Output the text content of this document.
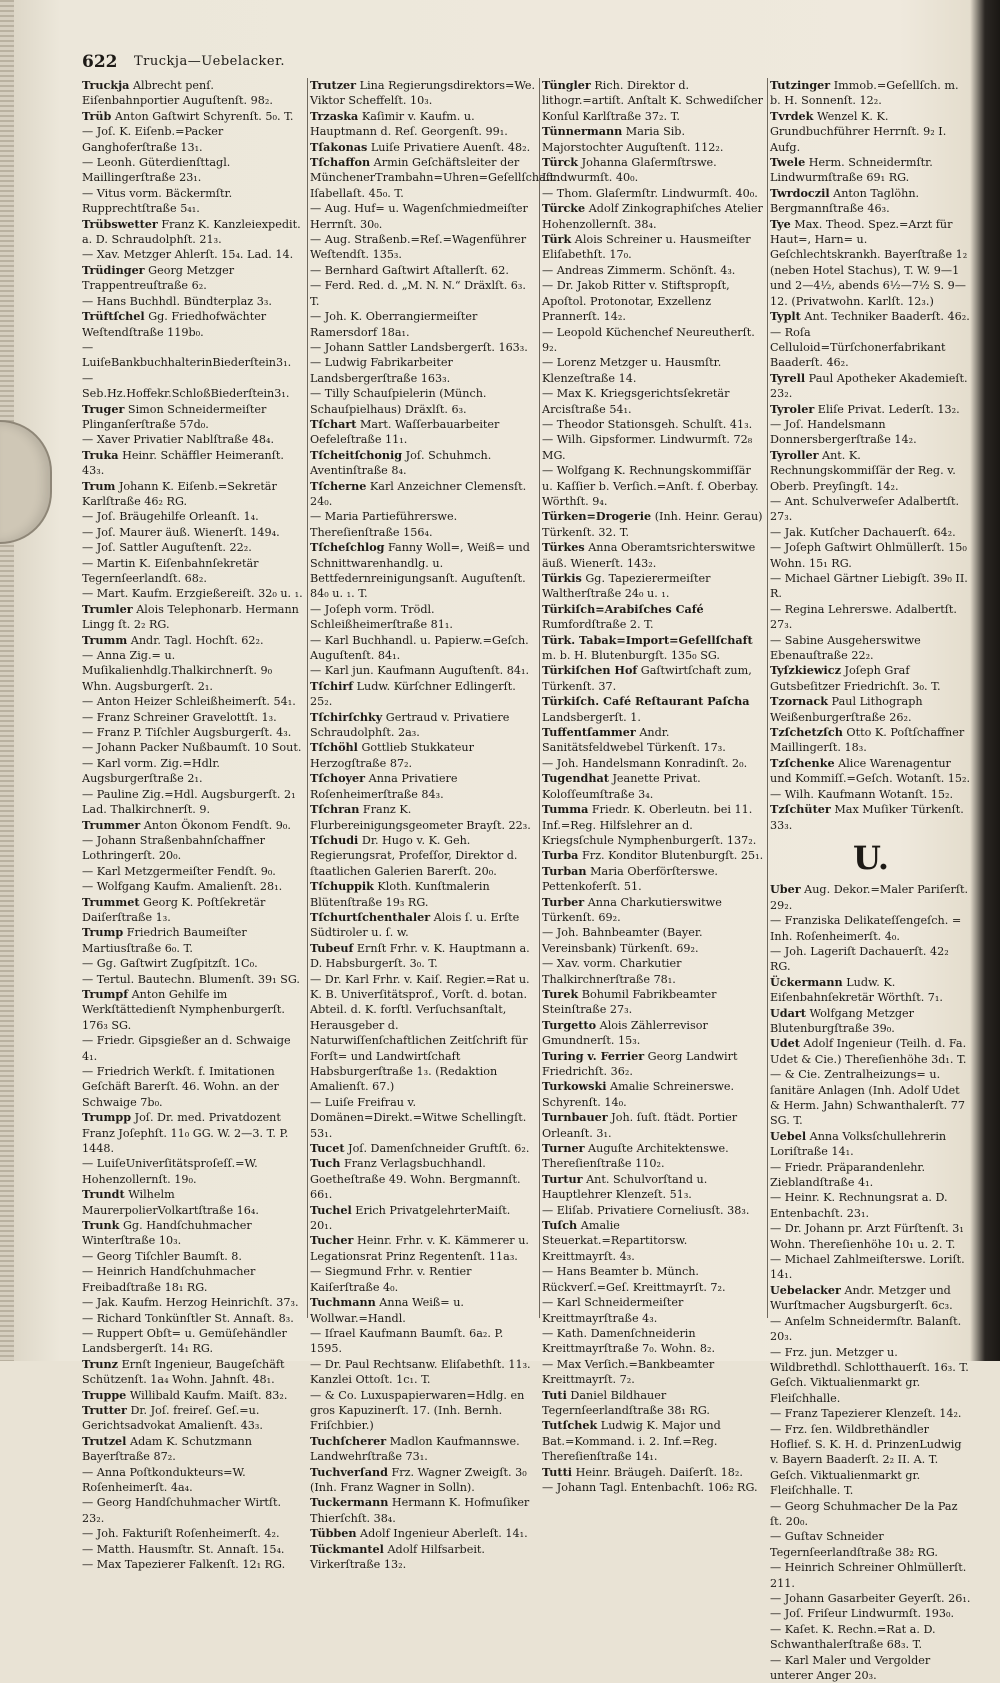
622 Truckja—Uebelacker.

Truckja Albrecht penſ. Eiſenbahnportier Auguſtenſt. 98₂.

Trüb Anton Gaſtwirt Schyrenſt. 5₀. T.

— Joſ. K. Eiſenb.=Packer Ganghoferſtraße 13₁.

— Leonh. Güterdienſttagl. Maillingerſtraße 23₁.

— Vitus vorm. Bäckermſtr. Rupprechtſtraße 5₄₁.

Trübswetter Franz K. Kanzleiexpedit. a. D. Schraudolphſt. 21₃.

— Xav. Metzger Ahlerſt. 15₄. Lad. 14.

Trüdinger Georg Metzger Trappentreuſtraße 6₂.

— Hans Buchhdl. Bündterplaz 3₃.

Trüftſchel Gg. Friedhofwächter Weſtendſtraße 119b₀.

— LuiſeBankbuchhalterinBiederſtein3₁.

— Seb.Hz.Hoffekr.SchloßBiederſtein3₁.

Truger Simon Schneidermeiſter Plinganſerſtraße 57d₀.

— Xaver Privatier Nablſtraße 48₄.

Truka Heinr. Schäffler Heimeranſt. 43₃.

Trum Johann K. Eiſenb.=Sekretär Karlſtraße 46₂ RG.

— Joſ. Bräugehilfe Orleanſt. 1₄.

— Joſ. Maurer äuß. Wienerſt. 149₄.

— Joſ. Sattler Auguſtenſt. 22₂.

— Martin K. Eiſenbahnſekretär Tegernſeerlandſt. 68₂.

— Mart. Kaufm. Erzgießereiſt. 32₀ u. ₁.

Trumler Alois Telephonarb. Hermann Lingg ſt. 2₂ RG.

Trumm Andr. Tagl. Hochſt. 62₂.

— Anna Zig.= u. Muſikalienhdlg.Thalkirchnerſt. 9₀ Whn. Augsburgerſt. 2₁.

— Anton Heizer Schleißheimerſt. 54₁.

— Franz Schreiner Gravelottſt. 1₃.

— Franz P. Tiſchler Augsburgerſt. 4₃.

— Johann Packer Nußbaumſt. 10 Sout.

— Karl vorm. Zig.=Hdlr. Augsburgerſtraße 2₁.

— Pauline Zig.=Hdl. Augsburgerſt. 2₁ Lad. Thalkirchnerſt. 9.

Trummer Anton Ökonom Fendſt. 9₀.

— Johann Straßenbahnſchaffner Lothringerſt. 20₀.

— Karl Metzgermeiſter Fendſt. 9₀.

— Wolfgang Kaufm. Amalienſt. 28₁.

Trummet Georg K. Poſtſekretär Daiſerſtraße 1₃.

Trump Friedrich Baumeiſter Martiusſtraße 6₀. T.

— Gg. Gaſtwirt Zugſpitzſt. 1C₀.

— Tertul. Bautechn. Blumenſt. 39₁ SG.

Trumpf Anton Gehilfe im Werkſtättedienſt Nymphenburgerſt. 176₃ SG.

— Friedr. Gipsgießer an d. Schwaige 4₁.

— Friedrich Werkſt. f. Imitationen Geſchäft Barerſt. 46. Wohn. an der Schwaige 7b₀.

Trumpp Joſ. Dr. med. Privatdozent Franz Joſephſt. 11₀ GG. W. 2—3. T. P. 1448.

— LuiſeUniverſitätsproſeſſ.=W. Hohenzollernſt. 19₀.

Trundt Wilhelm MaurerpolierVolkartſtraße 16₄.

Trunk Gg. Handſchuhmacher Winterſtraße 10₃.

— Georg Tiſchler Baumſt. 8.

— Heinrich Handſchuhmacher Freibadſtraße 18₁ RG.

— Jak. Kaufm. Herzog Heinrichſt. 37₃.

— Richard Tonkünſtler St. Annaſt. 8₃.

— Ruppert Obſt= u. Gemüſehändler Landsbergerſt. 14₁ RG.

Trunz Ernſt Ingenieur, Baugeſchäft Schützenſt. 1a₄ Wohn. Jahnſt. 48₁.

Truppe Willibald Kaufm. Maiſt. 83₂.

Trutter Dr. Joſ. freireſ. Geſ.=u. Gerichtsadvokat Amalienſt. 43₃.

Trutzel Adam K. Schutzmann Bayerſtraße 87₂.

— Anna Poſtkondukteurs=W. Roſenheimerſt. 4a₄.

— Georg Handſchuhmacher Wirtſt. 23₂.

— Joh. Fakturiſt Roſenheimerſt. 4₂.

— Matth. Hausmſtr. St. Annaſt. 15₄.

— Max Tapezierer Falkenſt. 12₁ RG.

Trutzer Lina Regierungsdirektors=We. Viktor Scheffelſt. 10₃.

Trzaska Kaſimir v. Kaufm. u. Hauptmann d. Reſ. Georgenſt. 99₁.

Tſakonas Luiſe Privatiere Auenſt. 48₂.

Tſchaffon Armin Geſchäftsleiter der MünchenerTrambahn=Uhren=Geſellſchaft Iſabellaſt. 45₀. T.

— Aug. Huf= u. Wagenſchmiedmeiſter Herrnſt. 30₀.

— Aug. Straßenb.=Reſ.=Wagenführer Weſtendſt. 135₃.

— Bernhard Gaſtwirt Aſtallerſt. 62.

— Ferd. Red. d. „M. N. N.“ Dräxlſt. 6₃. T.

— Joh. K. Oberrangiermeiſter Ramersdorf 18a₁.

— Johann Sattler Landsbergerſt. 163₃.

— Ludwig Fabrikarbeiter Landsbergerſtraße 163₃.

— Tilly Schauſpielerin (Münch. Schauſpielhaus) Dräxlſt. 6₃.

Tſchart Mart. Waſſerbauarbeiter Oefeleſtraße 11₁.

Tſcheitſchonig Joſ. Schuhmch. Aventinſtraße 8₄.

Tſcherne Karl Anzeichner Clemensſt. 24₀.

— Maria Partieführerswe. Thereſienſtraße 156₄.

Tſcheſchlog Fanny Woll=, Weiß= und Schnittwarenhandlg. u. Bettfedernreinigungsanſt. Auguſtenſt. 84₀ u. ₁. T.

— Joſeph vorm. Trödl. Schleißheimerſtraße 81₁.

— Karl Buchhandl. u. Papierw.=Geſch. Auguſtenſt. 84₁.

— Karl jun. Kaufmann Auguſtenſt. 84₁.

Tſchirf Ludw. Kürſchner Edlingerſt. 25₂.

Tſchirſchky Gertraud v. Privatiere Schraudolphſt. 2a₃.

Tſchöhl Gottlieb Stukkateur Herzogſtraße 87₂.

Tſchoyer Anna Privatiere Roſenheimerſtraße 84₃.

Tſchran Franz K. Flurbereinigungsgeometer Brayſt. 22₃.

Tſchudi Dr. Hugo v. K. Geh. Regierungsrat, Profeſſor, Direktor d. ſtaatlichen Galerien Barerſt. 20₀.

Tſchuppik Kloth. Kunſtmalerin Blütenſtraße 19₃ RG.

Tſchurtſchenthaler Alois ſ. u. Erſte Südtiroler u. ſ. w.

Tubeuf Ernſt Frhr. v. K. Hauptmann a. D. Habsburgerſt. 3₀. T.

— Dr. Karl Frhr. v. Kaiſ. Regier.=Rat u. K. B. Univerſitätsprof., Vorſt. d. botan. Abteil. d. K. forſtl. Verſuchsanſtalt, Herausgeber d. Naturwiſſenſchaftlichen Zeitſchrift für Forſt= und Landwirtſchaft Habsburgerſtraße 1₃. (Redaktion Amalienſt. 67.)

— Luiſe Freifrau v. Domänen=Direkt.=Witwe Schellingſt. 53₁.

Tucet Joſ. Damenſchneider Gruftſt. 6₂.

Tuch Franz Verlagsbuchhandl. Goetheſtraße 49. Wohn. Bergmannſt. 66₁.

Tuchel Erich PrivatgelehrterMaiſt. 20₁.

Tucher Heinr. Frhr. v. K. Kämmerer u. Legationsrat Prinz Regentenſt. 11a₃.

— Siegmund Frhr. v. Rentier Kaiſerſtraße 4₀.

Tuchmann Anna Weiß= u. Wollwar.=Handl.

— Iſrael Kaufmann Baumſt. 6a₂. P. 1595.

— Dr. Paul Rechtsanw. Eliſabethſt. 11₃. Kanzlei Ottoſt. 1c₁. T.

— & Co. Luxuspapierwaren=Hdlg. en gros Kapuzinerſt. 17. (Inh. Bernh. Friſchbier.)

Tuchſcherer Madlon Kaufmannswe. Landwehrſtraße 73₁.

Tuchverſand Frz. Wagner Zweigſt. 3₀ (Inh. Franz Wagner in Solln).

Tuckermann Hermann K. Hofmuſiker Thierſchſt. 38₄.

Tübben Adolf Ingenieur Aberleſt. 14₁.

Tückmantel Adolf Hilfsarbeit. Virkerſtraße 13₂.

Tüngler Rich. Direktor d. lithogr.=artiſt. Anſtalt K. Schwediſcher Konſul Karlſtraße 37₂. T.

Tünnermann Maria Sib. Majorstochter Auguſtenſt. 112₂.

Türck Johanna Glaſermſtrswe. Lindwurmſt. 40₀.

— Thom. Glaſermſtr. Lindwurmſt. 40₀.

Türcke Adolf Zinkographiſches Atelier Hohenzollernſt. 38₄.

Türk Alois Schreiner u. Hausmeiſter Eliſabethſt. 17₀.

— Andreas Zimmerm. Schönſt. 4₃.

— Dr. Jakob Ritter v. Stiftspropſt, Apoſtol. Protonotar, Exzellenz Prannerſt. 14₂.

— Leopold Küchenchef Neureutherſt. 9₂.

— Lorenz Metzger u. Hausmſtr. Klenzeſtraße 14.

— Max K. Kriegsgerichtsſekretär Arcisſtraße 54₁.

— Theodor Stationsgeh. Schulſt. 41₃.

— Wilh. Gipsformer. Lindwurmſt. 72₈ MG.

— Wolfgang K. Rechnungskommiſſär u. Kaſſier b. Verſich.=Anſt. f. Oberbay. Wörthſt. 9₄.

Türken=Drogerie (Inh. Heinr. Gerau) Türkenſt. 32. T.

Türkes Anna Oberamtsrichterswitwe äuß. Wienerſt. 143₂.

Türkis Gg. Tapezierermeiſter Waltherſtraße 24₀ u. ₁.

Türkiſch=Arabiſches Café Rumfordſtraße 2. T.

Türk. Tabak=Import=Geſellſchaft m. b. H. Blutenburgſt. 135₀ SG.

Türkiſchen Hof Gaſtwirtſchaft zum, Türkenſt. 37.

Türkiſch. Café Reſtaurant Paſcha Landsbergerſt. 1.

Tuffentſammer Andr. Sanitätsfeldwebel Türkenſt. 17₃.

— Joh. Handelsmann Konradinſt. 2₀.

Tugendhat Jeanette Privat. Koloſſeumſtraße 3₄.

Tumma Friedr. K. Oberleutn. bei 11. Inf.=Reg. Hilfslehrer an d. Kriegsſchule Nymphenburgerſt. 137₂.

Turba Frz. Konditor Blutenburgſt. 25₁.

Turban Maria Oberförſterswe. Pettenkoferſt. 51.

Turber Anna Charkutierswitwe Türkenſt. 69₂.

— Joh. Bahnbeamter (Bayer. Vereinsbank) Türkenſt. 69₂.

— Xav. vorm. Charkutier Thalkirchnerſtraße 78₁.

Turek Bohumil Fabrikbeamter Steinſtraße 27₃.

Turgetto Alois Zählerrevisor Gmundnerſt. 15₃.

Turing v. Ferrier Georg Landwirt Friedrichſt. 36₂.

Turkowski Amalie Schreinerswe. Schyrenſt. 14₀.

Turnbauer Joh. ſuſt. ſtädt. Portier Orleanſt. 3₁.

Turner Auguſte Architektenswe. Thereſienſtraße 110₂.

Turtur Ant. Schulvorſtand u. Hauptlehrer Klenzeſt. 51₃.

— Eliſab. Privatiere Corneliusſt. 38₃.

Tuſch Amalie Steuerkat.=Repartitorsw. Kreittmayrſt. 4₃.

— Hans Beamter b. Münch. Rückverſ.=Geſ. Kreittmayrſt. 7₂.

— Karl Schneidermeiſter Kreittmayrſtraße 4₃.

— Kath. Damenſchneiderin Kreittmayrſtraße 7₀. Wohn. 8₂.

— Max Verſich.=Bankbeamter Kreittmayrſt. 7₂.

Tuti Daniel Bildhauer Tegernſeerlandſtraße 38₁ RG.

Tutſchek Ludwig K. Major und Bat.=Kommand. i. 2. Inf.=Reg. Thereſienſtraße 14₁.

Tutti Heinr. Bräugeh. Daiſerſt. 18₂.

— Johann Tagl. Entenbachſt. 106₂ RG.

Tutzinger Immob.=Geſellſch. m. b. H. Sonnenſt. 12₂.

Tvrdek Wenzel K. K. Grundbuchführer Herrnſt. 9₂ I. Aufg.

Twele Herm. Schneidermſtr. Lindwurmſtraße 69₁ RG.

Twrdoczil Anton Taglöhn. Bergmannſtraße 46₃.

Tye Max. Theod. Spez.=Arzt für Haut=, Harn= u. Geſchlechtskrankh. Bayerſtraße 1₂ (neben Hotel Stachus), T. W. 9—1 und 2—4½, abends 6½—7½ S. 9—12. (Privatwohn. Karlſt. 12₃.)

Typlt Ant. Techniker Baaderſt. 46₂.

— Roſa Celluloid=Türſchonerfabrikant Baaderſt. 46₂.

Tyrell Paul Apotheker Akademieſt. 23₂.

Tyroler Eliſe Privat. Lederſt. 13₂.

— Joſ. Handelsmann Donnersbergerſtraße 14₂.

Tyroller Ant. K. Rechnungskommiſſär der Reg. v. Oberb. Preyſingſt. 14₂.

— Ant. Schulverweſer Adalbertſt. 27₃.

— Jak. Kutſcher Dachauerſt. 64₂.

— Joſeph Gaſtwirt Ohlmüllerſt. 15₀ Wohn. 15₁ RG.

— Michael Gärtner Liebigſt. 39₀ II. R.

— Regina Lehrerswe. Adalbertſt. 27₃.

— Sabine Ausgeherswitwe Ebenauſtraße 22₂.

Tyſzkiewicz Joſeph Graf Gutsbeſitzer Friedrichſt. 3₀. T.

Tzornack Paul Lithograph Weißenburgerſtraße 26₂.

Tzſchetzſch Otto K. Poſtſchaffner Maillingerſt. 18₃.

Tzſchenke Alice Warenagentur und Kommiſſ.=Geſch. Wotanſt. 15₂.

— Wilh. Kaufmann Wotanſt. 15₂.

Tzſchüter Max Muſiker Türkenſt. 33₃.

U.

Uber Aug. Dekor.=Maler Pariſerſt. 29₂.

— Franziska Delikateſſengeſch. = Inh. Roſenheimerſt. 4₀.

— Joh. Lageriſt Dachauerſt. 42₂ RG.

Ückermann Ludw. K. Eiſenbahnſekretär Wörthſt. 7₁.

Udart Wolfgang Metzger Blutenburgſtraße 39₀.

Udet Adolf Ingenieur (Teilh. d. Fa. Udet & Cie.) Thereſienhöhe 3d₁. T.

— & Cie. Zentralheizungs= u. ſanitäre Anlagen (Inh. Adolf Udet & Herm. Jahn) Schwanthalerſt. 77 SG. T.

Uebel Anna Volksſchullehrerin Loriſtraße 14₁.

— Friedr. Präparandenlehr. Zieblandſtraße 4₁.

— Heinr. K. Rechnungsrat a. D. Entenbachſt. 23₁.

— Dr. Johann pr. Arzt Fürſtenſt. 3₁ Wohn. Thereſienhöhe 10₁ u. 2. T.

— Michael Zahlmeiſterswe. Loriſt. 14₁.

Uebelacker Andr. Metzger und Wurſtmacher Augsburgerſt. 6c₃.

— Anſelm Schneidermſtr. Balanſt. 20₃.

— Frz. jun. Metzger u. Wildbrethdl. Schlotthauerſt. 16₃. T. Geſch. Viktualienmarkt gr. Fleiſchhalle.

— Franz Tapezierer Klenzeſt. 14₂.

— Frz. ſen. Wildbrethändler Hoflief. S. K. H. d. PrinzenLudwig v. Bayern Baaderſt. 2₂ II. A. T. Geſch. Viktualienmarkt gr. Fleiſchhalle. T.

— Georg Schuhmacher De la Paz ſt. 20₀.

— Guſtav Schneider Tegernſeerlandſtraße 38₂ RG.

— Heinrich Schreiner Ohlmüllerſt. 211.

— Johann Gasarbeiter Geyerſt. 26₁.

— Joſ. Friſeur Lindwurmſt. 193₀.

— Kaſet. K. Rechn.=Rat a. D. Schwanthalerſtraße 68₃. T.

— Karl Maler und Vergolder unterer Anger 20₃.
